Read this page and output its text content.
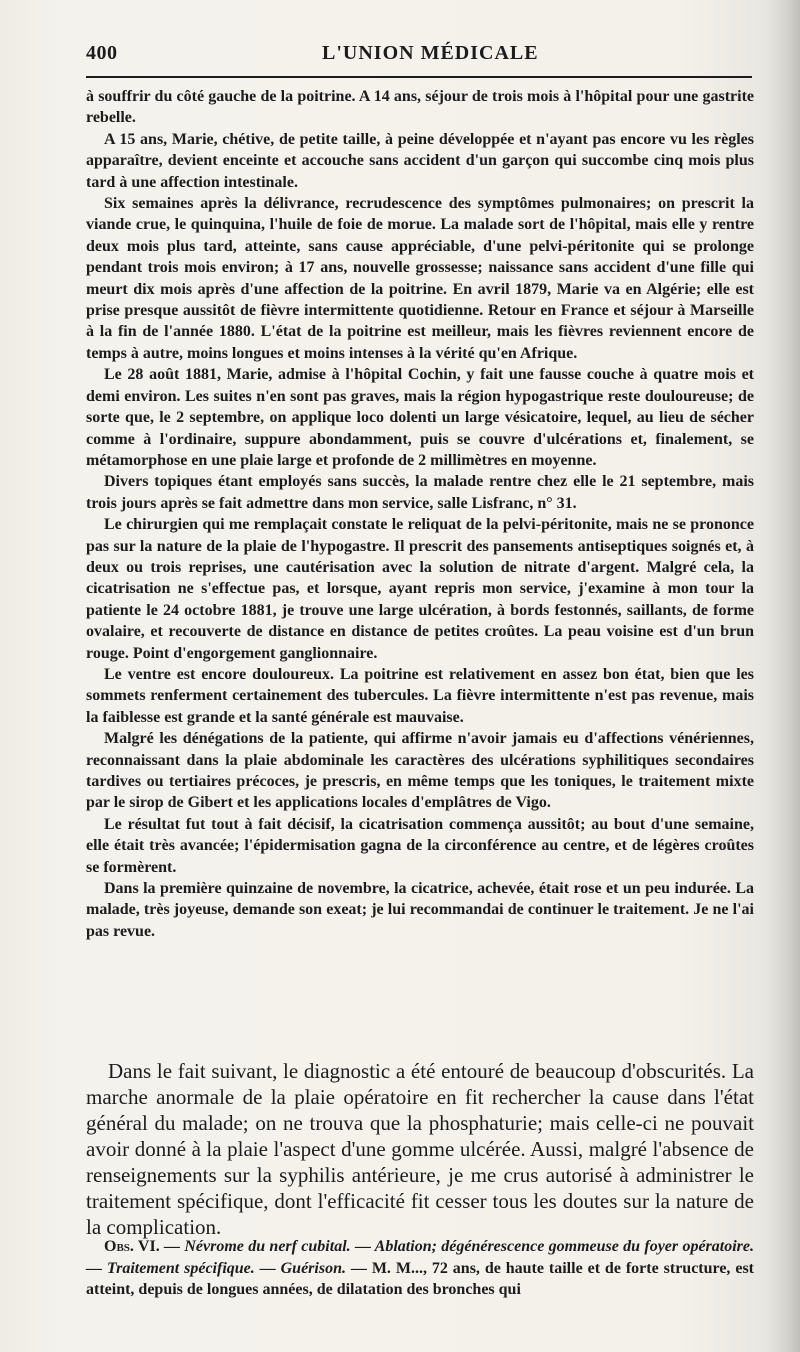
400	L'UNION MÉDICALE

à souffrir du côté gauche de la poitrine. A 14 ans, séjour de trois mois à l'hôpital pour une gastrite rebelle.

A 15 ans, Marie, chétive, de petite taille, à peine développée et n'ayant pas encore vu les règles apparaître, devient enceinte et accouche sans accident d'un garçon qui succombe cinq mois plus tard à une affection intestinale.

Six semaines après la délivrance, recrudescence des symptômes pulmonaires; on prescrit la viande crue, le quinquina, l'huile de foie de morue. La malade sort de l'hôpital, mais elle y rentre deux mois plus tard, atteinte, sans cause appréciable, d'une pelvi-péritonite qui se prolonge pendant trois mois environ; à 17 ans, nouvelle grossesse; naissance sans accident d'une fille qui meurt dix mois après d'une affection de la poitrine. En avril 1879, Marie va en Algérie; elle est prise presque aussitôt de fièvre intermittente quotidienne. Retour en France et séjour à Marseille à la fin de l'année 1880. L'état de la poitrine est meilleur, mais les fièvres reviennent encore de temps à autre, moins longues et moins intenses à la vérité qu'en Afrique.

Le 28 août 1881, Marie, admise à l'hôpital Cochin, y fait une fausse couche à quatre mois et demi environ. Les suites n'en sont pas graves, mais la région hypogastrique reste douloureuse; de sorte que, le 2 septembre, on applique loco dolenti un large vésicatoire, lequel, au lieu de sécher comme à l'ordinaire, suppure abondamment, puis se couvre d'ulcérations et, finalement, se métamorphose en une plaie large et profonde de 2 millimètres en moyenne.

Divers topiques étant employés sans succès, la malade rentre chez elle le 21 septembre, mais trois jours après se fait admettre dans mon service, salle Lisfranc, n° 31.

Le chirurgien qui me remplaçait constate le reliquat de la pelvi-péritonite, mais ne se prononce pas sur la nature de la plaie de l'hypogastre. Il prescrit des pansements antiseptiques soignés et, à deux ou trois reprises, une cautérisation avec la solution de nitrate d'argent. Malgré cela, la cicatrisation ne s'effectue pas, et lorsque, ayant repris mon service, j'examine à mon tour la patiente le 24 octobre 1881, je trouve une large ulcération, à bords festonnés, saillants, de forme ovalaire, et recouverte de distance en distance de petites croûtes. La peau voisine est d'un brun rouge. Point d'engorgement ganglionnaire.

Le ventre est encore douloureux. La poitrine est relativement en assez bon état, bien que les sommets renferment certainement des tubercules. La fièvre intermittente n'est pas revenue, mais la faiblesse est grande et la santé générale est mauvaise.

Malgré les dénégations de la patiente, qui affirme n'avoir jamais eu d'affections vénériennes, reconnaissant dans la plaie abdominale les caractères des ulcérations syphilitiques secondaires tardives ou tertiaires précoces, je prescris, en même temps que les toniques, le traitement mixte par le sirop de Gibert et les applications locales d'emplâtres de Vigo.

Le résultat fut tout à fait décisif, la cicatrisation commença aussitôt; au bout d'une semaine, elle était très avancée; l'épidermisation gagna de la circonférence au centre, et de légères croûtes se formèrent.

Dans la première quinzaine de novembre, la cicatrice, achevée, était rose et un peu indurée. La malade, très joyeuse, demande son exeat; je lui recommandai de continuer le traitement. Je ne l'ai pas revue.

Dans le fait suivant, le diagnostic a été entouré de beaucoup d'obscurités. La marche anormale de la plaie opératoire en fit rechercher la cause dans l'état général du malade; on ne trouva que la phosphaturie; mais celle-ci ne pouvait avoir donné à la plaie l'aspect d'une gomme ulcérée. Aussi, malgré l'absence de renseignements sur la syphilis antérieure, je me crus autorisé à administrer le traitement spécifique, dont l'efficacité fit cesser tous les doutes sur la nature de la complication.

Obs. VI. — Névrome du nerf cubital. — Ablation; dégénérescence gommeuse du foyer opératoire. — Traitement spécifique. — Guérison. — M. M..., 72 ans, de haute taille et de forte structure, est atteint, depuis de longues années, de dilatation des bronches qui
